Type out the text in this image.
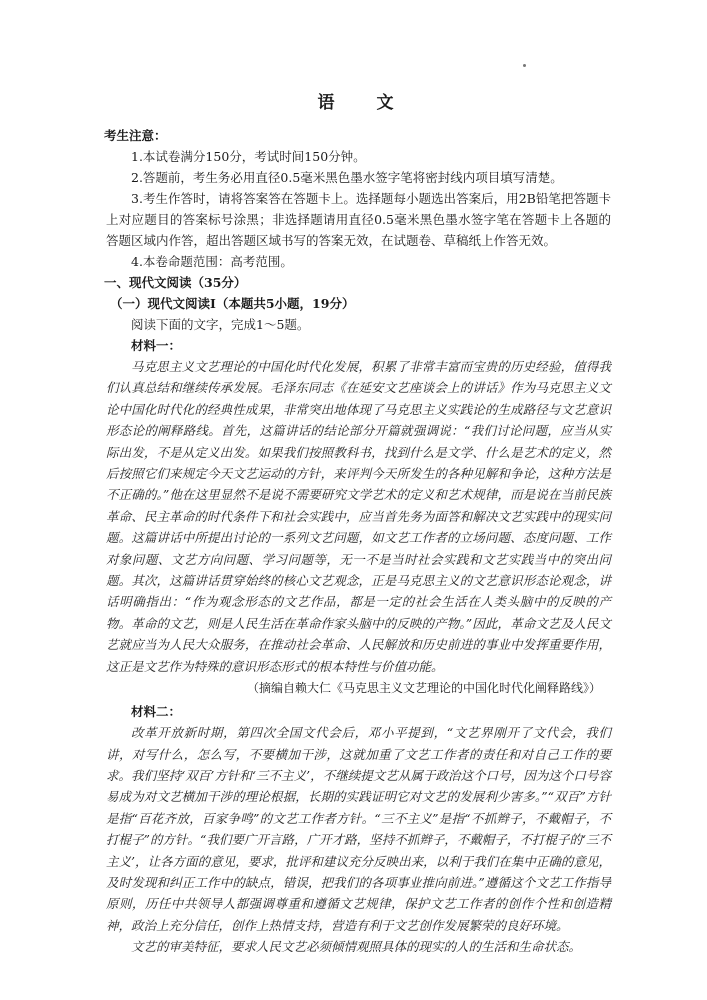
语 文
考生注意：

1.本试卷满分150分，考试时间150分钟。

2.答题前，考生务必用直径0.5毫米黑色墨水签字笔将密封线内项目填写清楚。

3.考生作答时，请将答案答在答题卡上。选择题每小题选出答案后，用2B铅笔把答题卡上对应题目的答案标号涂黑；非选择题请用直径0.5毫米黑色墨水签字笔在答题卡上各题的答题区域内作答，超出答题区域书写的答案无效，在试题卷、草稿纸上作答无效。

4.本卷命题范围：高考范围。

一、现代文阅读（35分）
（一）现代文阅读Ⅰ（本题共5小题，19分）

阅读下面的文字，完成1～5题。

材料一：

马克思主义文艺理论的中国化时代化发展，积累了非常丰富而宝贵的历史经验，值得我们认真总结和继续传承发展。毛泽东同志《在延安文艺座谈会上的讲话》作为马克思主义文论中国化时代化的经典性成果，非常突出地体现了马克思主义实践论的生成路径与文艺意识形态论的阐释路线。首先，这篇讲话的结论部分开篇就强调说：“我们讨论问题，应当从实际出发，不是从定义出发。如果我们按照教科书，找到什么是文学、什么是艺术的定义，然后按照它们来规定今天文艺运动的方针，来评判今天所发生的各种见解和争论，这种方法是不正确的。”他在这里显然不是说不需要研究文学艺术的定义和艺术规律，而是说在当前民族革命、民主革命的时代条件下和社会实践中，应当首先务为面答和解决文艺实践中的现实问题。这篇讲话中所提出讨论的一系列文艺问题，如文艺工作者的立场问题、态度问题、工作对象问题、文艺方向问题、学习问题等，无一不是当时社会实践和文艺实践当中的突出问题。其次，这篇讲话贯穿始终的核心文艺观念，正是马克思主义的文艺意识形态论观念，讲话明确指出：“作为观念形态的文艺作品，都是一定的社会生活在人类头脑中的反映的产物。革命的文艺，则是人民生活在革命作家头脑中的反映的产物。”因此，革命文艺及人民文艺就应当为人民大众服务，在推动社会革命、人民解放和历史前进的事业中发挥重要作用，这正是文艺作为特殊的意识形态形式的根本特性与价值功能。

（摘编自赖大仁《马克思主义文艺理论的中国化时代化阐释路线》）
材料二：

改革开放新时期，第四次全国文代会后，邓小平提到，“文艺界刚开了文代会，我们讲，对写什么，怎么写，不要横加干涉，这就加重了文艺工作者的责任和对自己工作的要求。我们坚持‘双百’方针和‘三不主义’，不继续提文艺从属于政治这个口号，因为这个口号容易成为对文艺横加干涉的理论根据，长期的实践证明它对文艺的发展利少害多。”“双百”方针是指“百花齐放，百家争鸣”的文艺工作者方针。“三不主义”是指“不抓辫子，不戴帽子，不打棍子”的方针。“我们要广开言路，广开才路，坚持不抓辫子，不戴帽子，不打棍子的‘三不主义’，让各方面的意见，要求，批评和建议充分反映出来，以利于我们在集中正确的意见，及时发现和纠正工作中的缺点，错误，把我们的各项事业推向前进。”遵循这个文艺工作指导原则，历任中共领导人都强调尊重和遵循文艺规律，保护文艺工作者的创作个性和创造精神，政治上充分信任，创作上热情支持，营造有利于文艺创作发展繁荣的良好环境。

文艺的审美特征，要求人民文艺必须倾情观照具体的现实的人的生活和生命状态。
